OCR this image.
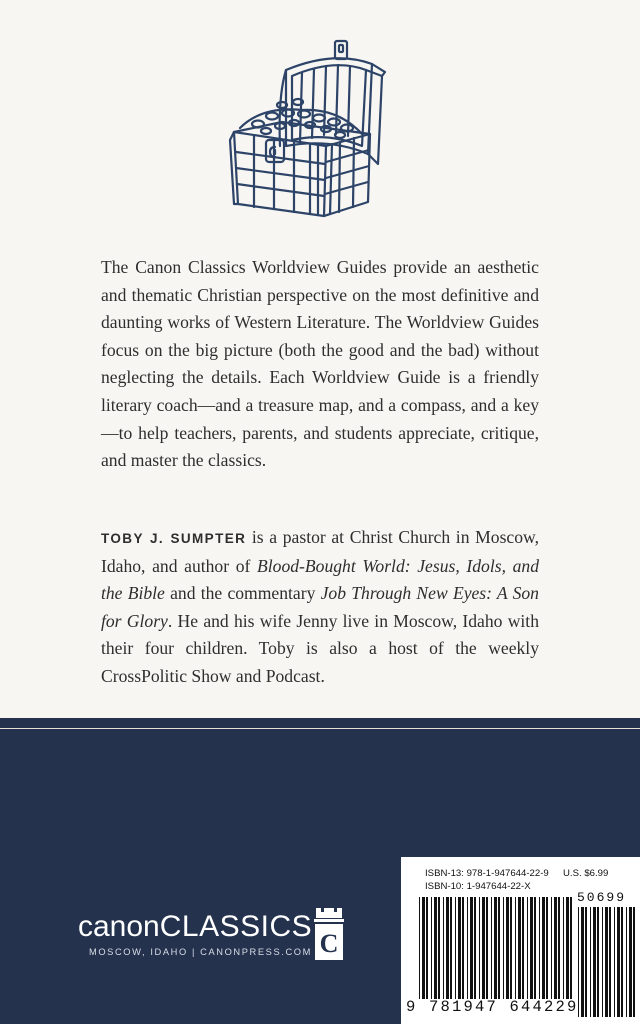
The Canon Classics Worldview Guides provide an aesthetic and thematic Christian perspective on the most definitive and daunting works of Western Literature. The Worldview Guides focus on the big picture (both the good and the bad) without neglecting the details. Each Worldview Guide is a friendly literary coach—and a treasure map, and a compass, and a key—to help teachers, parents, and students appreciate, critique, and master the classics.

TOBY J. SUMPTER is a pastor at Christ Church in Moscow, Idaho, and author of Blood-Bought World: Jesus, Idols, and the Bible and the commentary Job Through New Eyes: A Son for Glory. He and his wife Jenny live in Moscow, Idaho with their four children. Toby is also a host of the weekly CrossPolitic Show and Podcast.

canonCLASSICS
MOSCOW, IDAHO | CANONPRESS.COM C
ISBN-13: 978-1-947644-22-9
ISBN-10: 1-947644-22-X
U.S. $6.99
50699
9 781947 644229
